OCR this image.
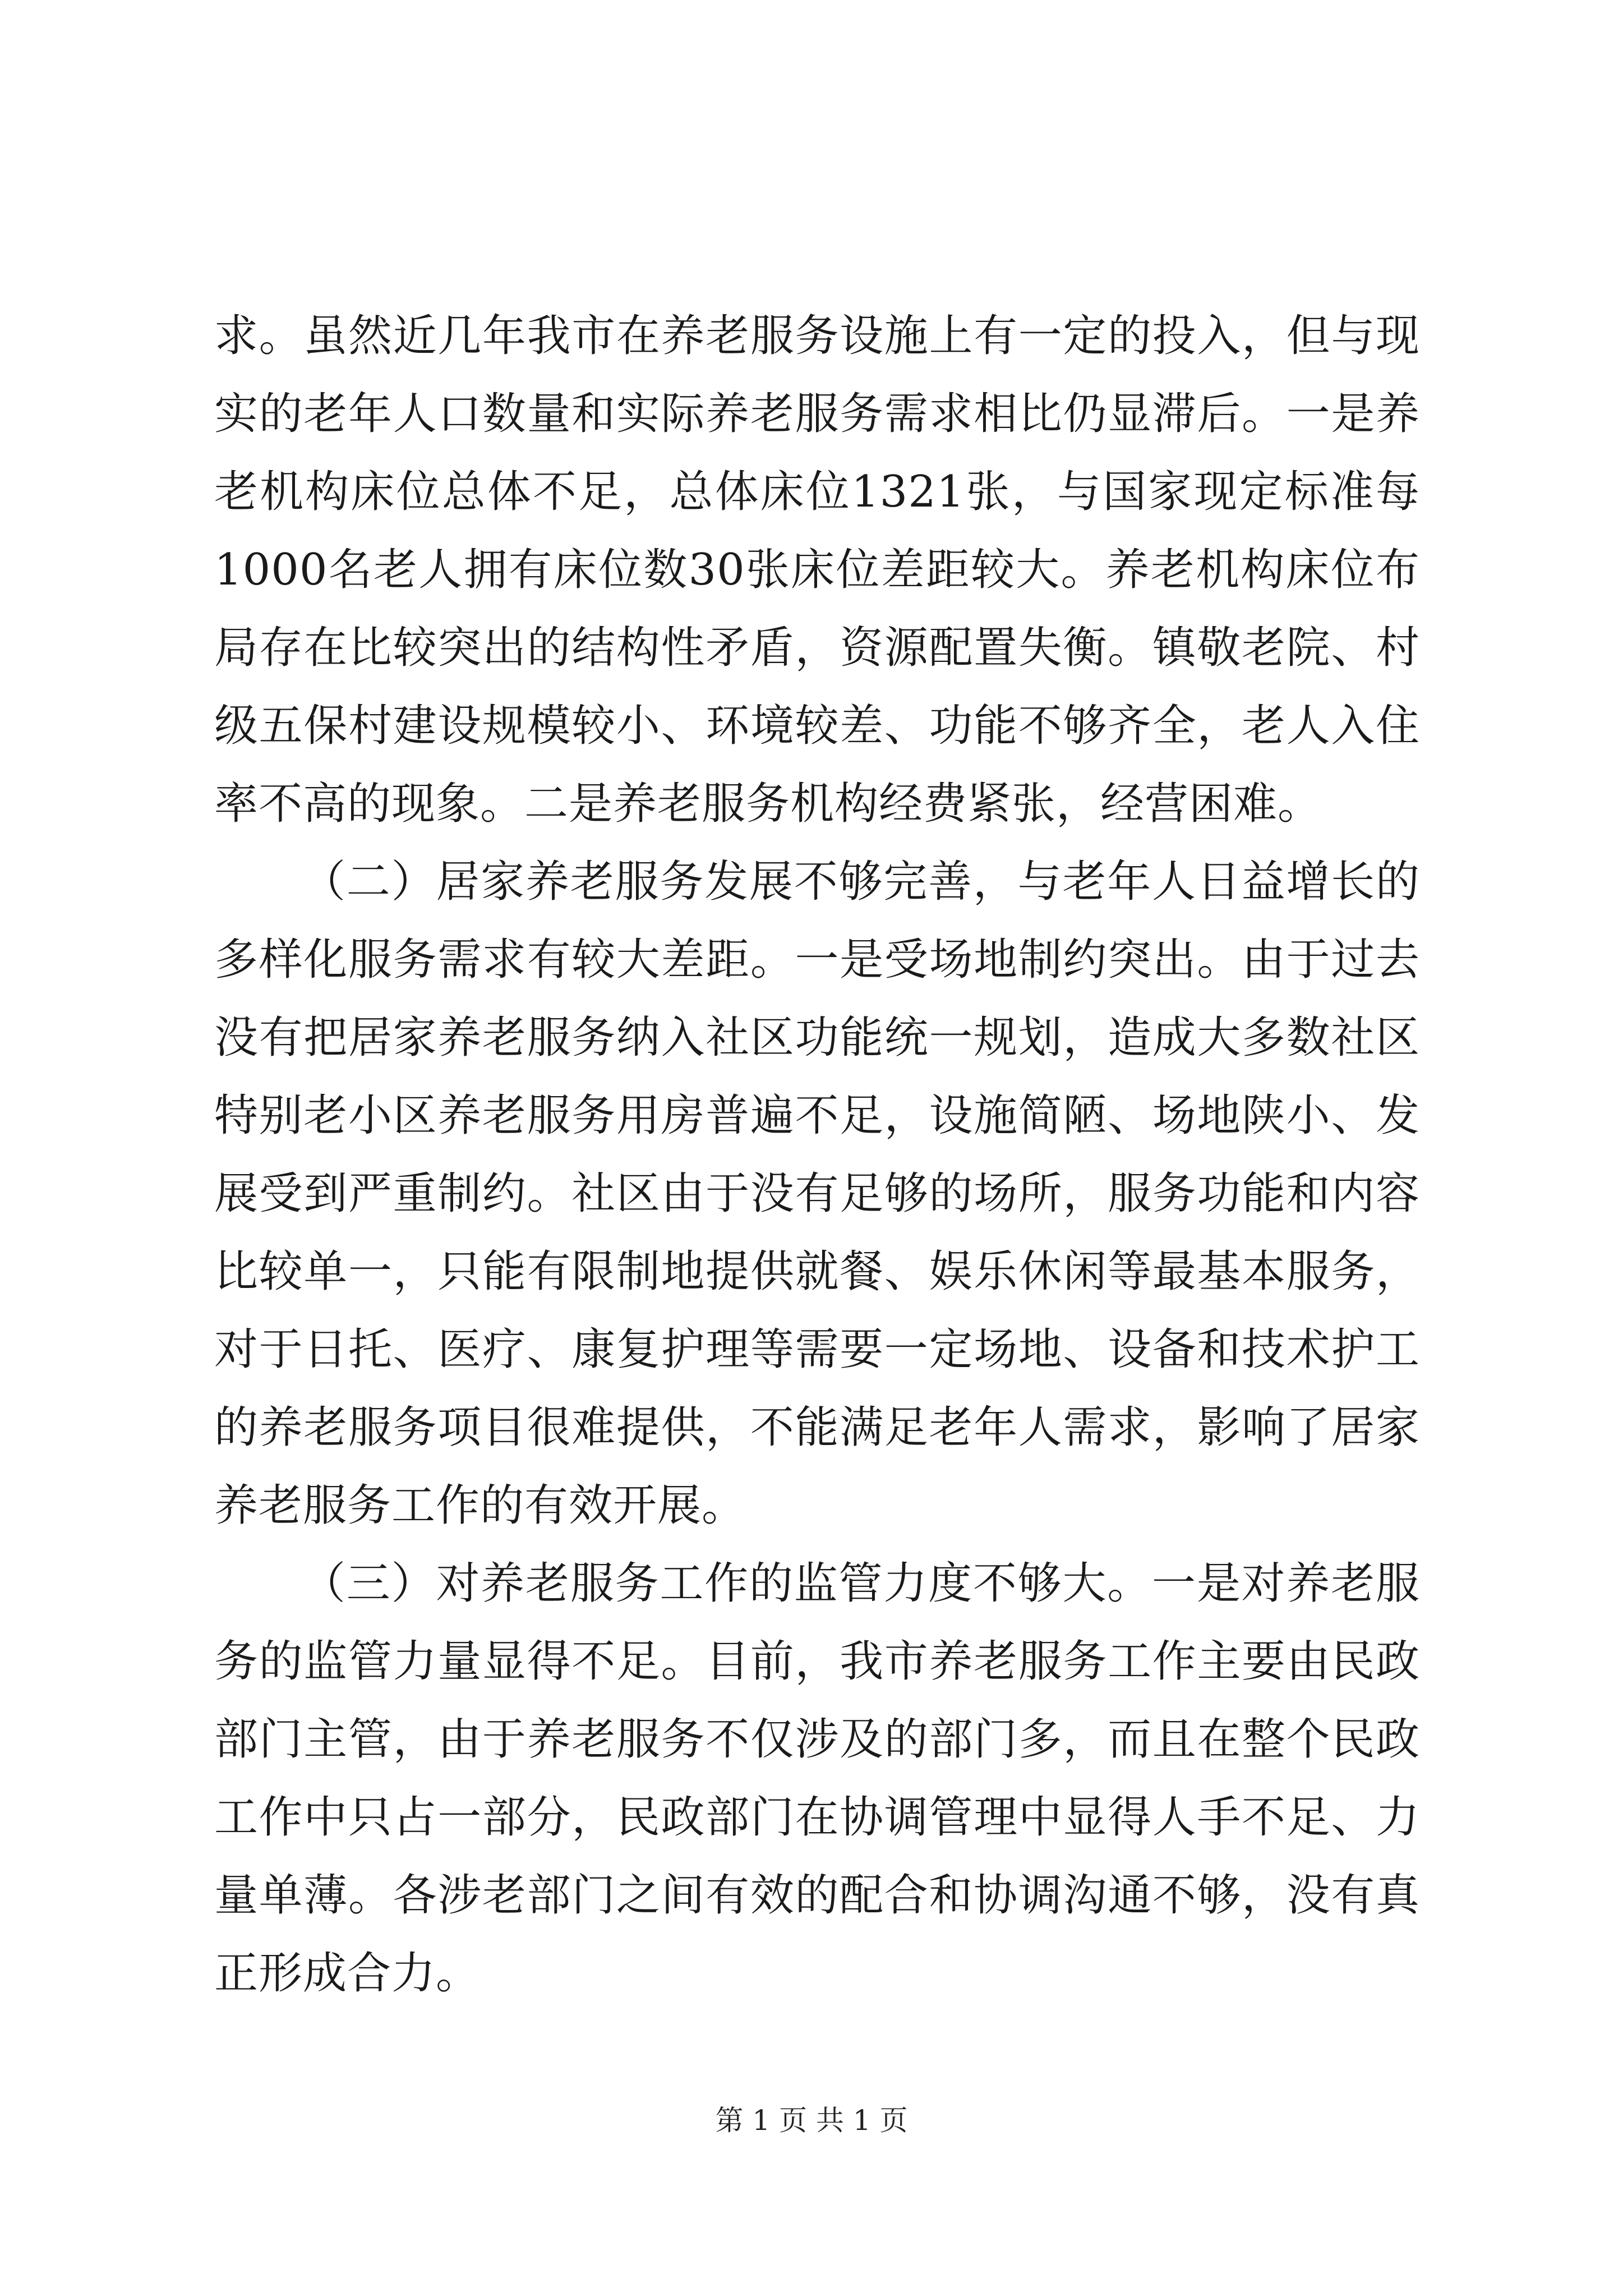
求。虽然近几年我市在养老服务设施上有一定的投入，但与现实的老年人口数量和实际养老服务需求相比仍显滞后。一是养老机构床位总体不足，总体床位1321张，与国家现定标准每1000名老人拥有床位数30张床位差距较大。养老机构床位布局存在比较突出的结构性矛盾，资源配置失衡。镇敬老院、村级五保村建设规模较小、环境较差、功能不够齐全，老人入住率不高的现象。二是养老服务机构经费紧张，经营困难。

（二）居家养老服务发展不够完善，与老年人日益增长的多样化服务需求有较大差距。一是受场地制约突出。由于过去没有把居家养老服务纳入社区功能统一规划，造成大多数社区特别老小区养老服务用房普遍不足，设施简陋、场地陕小、发展受到严重制约。社区由于没有足够的场所，服务功能和内容比较单一，只能有限制地提供就餐、娱乐休闲等最基本服务，对于日托、医疗、康复护理等需要一定场地、设备和技术护工的养老服务项目很难提供，不能满足老年人需求，影响了居家养老服务工作的有效开展。

（三）对养老服务工作的监管力度不够大。一是对养老服务的监管力量显得不足。目前，我市养老服务工作主要由民政部门主管，由于养老服务不仅涉及的部门多，而且在整个民政工作中只占一部分，民政部门在协调管理中显得人手不足、力量单薄。各涉老部门之间有效的配合和协调沟通不够，没有真正形成合力。

第 1 页 共 1 页
